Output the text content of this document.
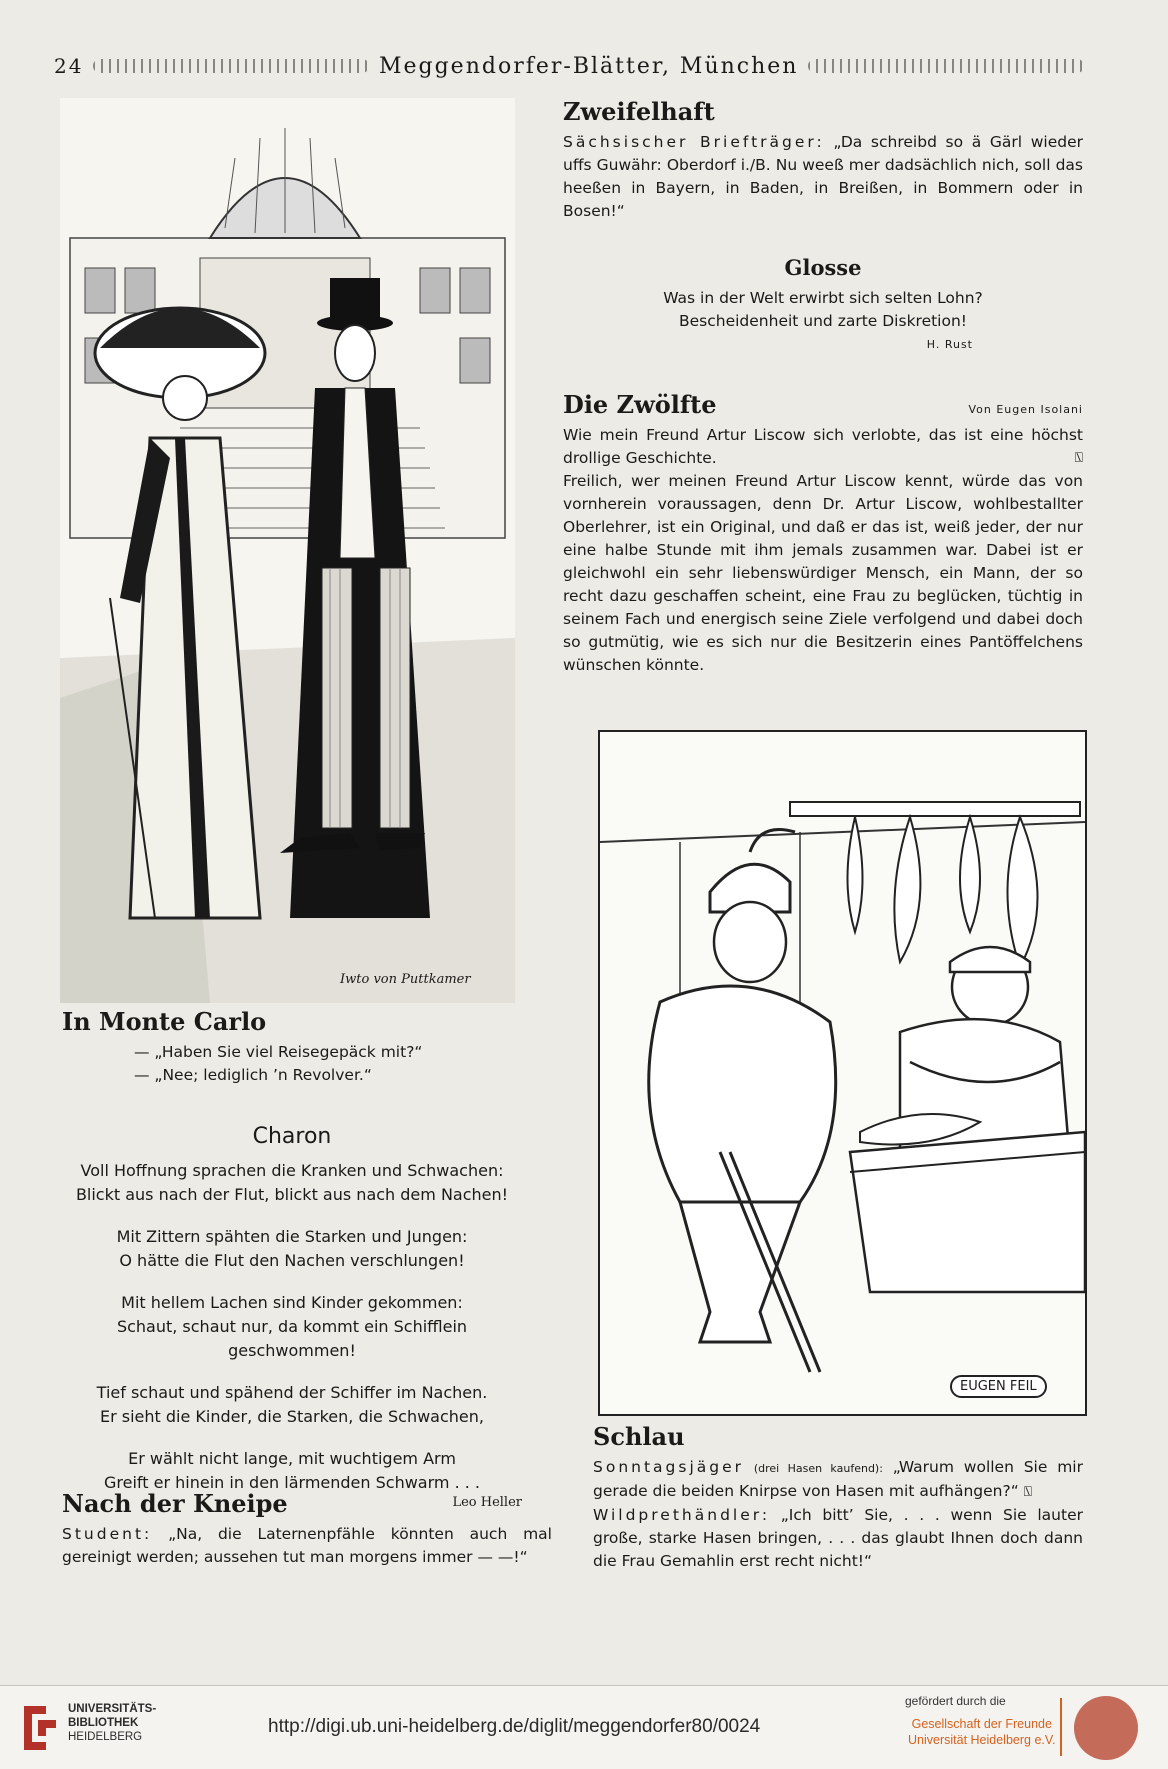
24	Meggendorfer-Blätter, München
Iwto von Puttkamer
In Monte Carlo
— „Haben Sie viel Reisegepäck mit?“
— „Nee; lediglich ’n Revolver.“
Charon
Voll Hoffnung sprachen die Kranken und Schwachen:
Blickt aus nach der Flut, blickt aus nach dem Nachen!
Mit Zittern spähten die Starken und Jungen:
O hätte die Flut den Nachen verschlungen!
Mit hellem Lachen sind Kinder gekommen:
Schaut, schaut nur, da kommt ein Schifflein geschwommen!
Tief schaut und spähend der Schiffer im Nachen.
Er sieht die Kinder, die Starken, die Schwachen,
Er wählt nicht lange, mit wuchtigem Arm
Greift er hinein in den lärmenden Schwarm . . .
Leo Heller
Nach der Kneipe
Student: „Na, die Laternenpfähle könnten auch mal gereinigt werden; aussehen tut man morgens immer — —!“
Zweifelhaft
Sächsischer Briefträger: „Da schreibd so ä Gärl wieder uffs Guwähr: Oberdorf i./B. Nu weeß mer dadsächlich nich, soll das heeßen in Bayern, in Baden, in Breißen, in Bommern oder in Bosen!“
Glosse
Was in der Welt erwirbt sich selten Lohn?
Bescheidenheit und zarte Diskretion!
H. Rust
Die Zwölfte	Von Eugen Isolani
Wie mein Freund Artur Liscow sich verlobte, das ist eine höchst drollige Geschichte.	⍂
Freilich, wer meinen Freund Artur Liscow kennt, würde das von vornherein voraussagen, denn Dr. Artur Liscow, wohlbestallter Oberlehrer, ist ein Original, und daß er das ist, weiß jeder, der nur eine halbe Stunde mit ihm jemals zusammen war. Dabei ist er gleichwohl ein sehr liebenswürdiger Mensch, ein Mann, der so recht dazu geschaffen scheint, eine Frau zu beglücken, tüchtig in seinem Fach und energisch seine Ziele verfolgend und dabei doch so gutmütig, wie es sich nur die Besitzerin eines Pantöffelchens wünschen könnte.
EUGEN FEIL
Schlau
Sonntagsjäger (drei Hasen kaufend): „Warum wollen Sie mir gerade die beiden Knirpse von Hasen mit aufhängen?“ ⍂
Wildprethändler: „Ich bitt’ Sie, . . . wenn Sie lauter große, starke Hasen bringen, . . . das glaubt Ihnen doch dann die Frau Gemahlin erst recht nicht!“
UNIVERSITÄTS-
BIBLIOTHEK
HEIDELBERG	http://digi.ub.uni-heidelberg.de/diglit/meggendorfer80/0024
gefördert durch die
Gesellschaft der Freunde
Universität Heidelberg e.V.
